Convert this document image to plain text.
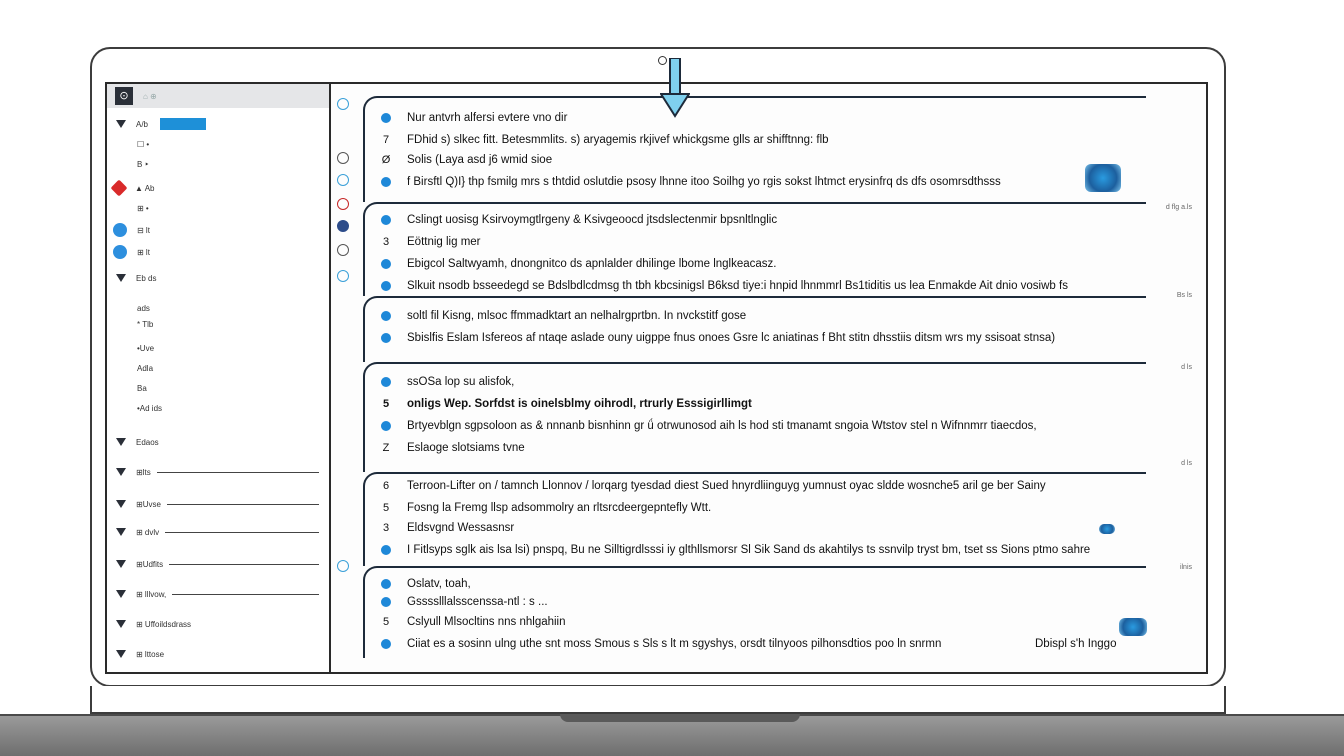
⊙	⌂ ⊕
A/b
☐ •
B ‣
▲ Ab
⊞ •
⊟ lt
⊞ lt
Eb ds
ads
* Tlb
•Uve
Adla
Ba
•Ad ids
Edaos
⊞lts
⊞Uvse
⊞ dvlv
⊞Udfits
⊞ lllvow,
⊞ Uffoildsdrass
⊞ lttose
Nur antvrh alfersi evtere vno dir
7 FDhid s) slkec fitt. Betesmmlits. s) aryagemis rkjivef whickgsme glls ar shifftnng: flb
Ø Solis (Laya asd j6 wmid sioe
f Birsftl Q)I} thp fsmilg mrs s thtdid oslutdie psosy lhnne itoo Soilhg yo rgis sokst lhtmct erysinfrq ds dfs osomrsdthsss
Cslingt uosisg Ksirvoymgtlrgeny & Ksivgeoocd jtsdslectenmir bpsnltlnglic
3 Eöttnig lig mer
Ebigcol Saltwyamh, dnongnitco ds apnlalder dhilinge lbome lnglkeacasz.
Slkuit nsodb bsseedegd se Bdslbdlcdmsg th tbh kbcsinigsl B6ksd tiye:i hnpid lhnmmrl Bs1tiditis us lea Enmakde Ait dnio vosiwb fs
soltl fil Kisng, mlsoc ffmmadktart an nelhalrgprtbn. In nvckstitf gose
Sbislfis Eslam Isfereos af ntaqe aslade ouny uigppe fnus onoes Gsre lc aniatinas f Bht stitn dhsstiis ditsm wrs my ssisoat stnsa)
ssOSa lop su alisfok,
5 onligs Wep. Sorfdst is oinelsblmy oihrodl, rtrurly Esssigirllimgt
Brtyevblgn sgpsoloon as & nnnanb bisnhinn gr ǘ otrwunosod aih ls hod sti tmanamt sngoia Wtstov stel n Wifnnmrr tiaecdos,
Z Eslaoge slotsiams tvne
6 Terroon-Lifter on / tamnch Llonnov / lorqarg tyesdad diest Sued hnyrdliinguyg yumnust oyac sldde wosnche5 aril ge ber Sainy
5 Fosng la Fremg llsp adsommolry an rltsrcdeergepntefly Wtt.
3 Eldsvgnd Wessasnsr
I Fitlsyps sglk ais lsa lsi) pnspq, Bu ne Silltigrdlsssi iy glthllsmorsr Sl Sik Sand ds akahtilys ts ssnvilp tryst bm, tset ss Sions ptmo sahre
Oslatv, toah,
Gsssslllalsscenssa-ntl : s ...
5 Cslyull Mlsocltins nns nhlgahiin
Ciiat es a sosinn ulng uthe snt moss Smous s Sls s lt m sgyshys, orsdt tilnyoos pilhonsdtios poo ln snrmn	Dbispl s'h Inggo
d flg a.ls
Bs ls
d ls
d ls
ilnis
